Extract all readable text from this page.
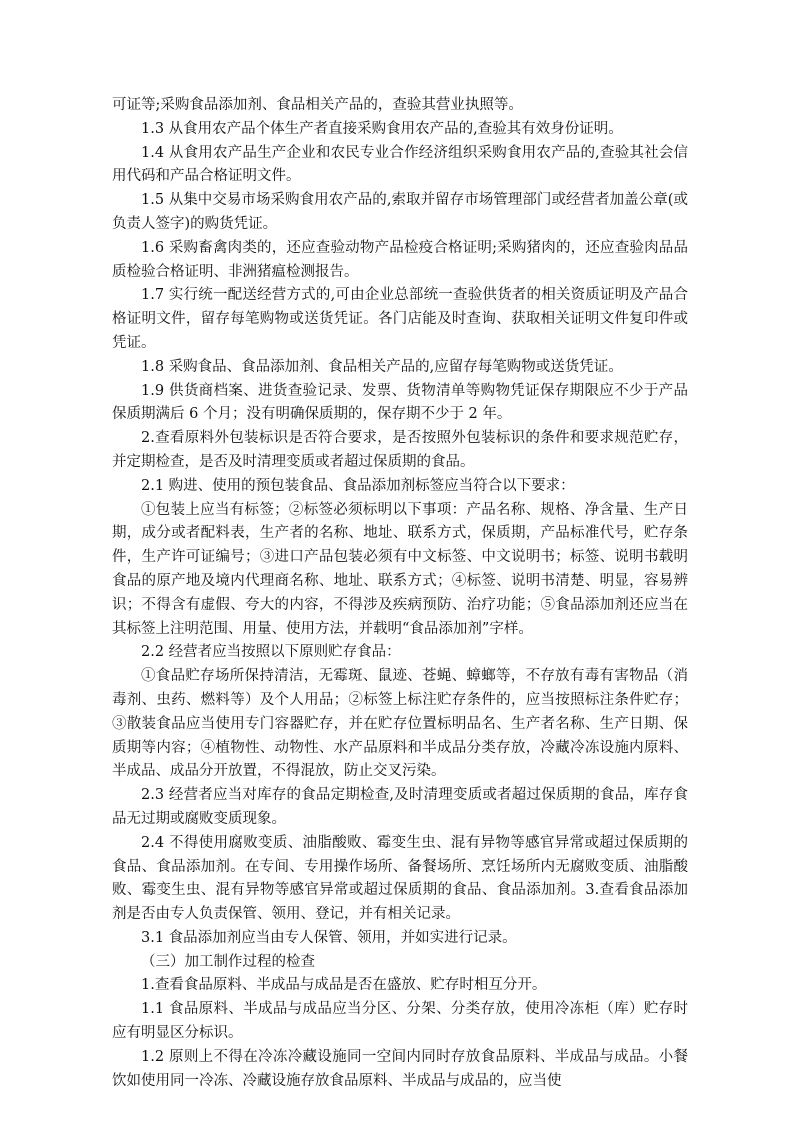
可证等;采购食品添加剂、食品相关产品的，查验其营业执照等。

1.3 从食用农产品个体生产者直接采购食用农产品的,查验其有效身份证明。

1.4 从食用农产品生产企业和农民专业合作经济组织采购食用农产品的,查验其社会信用代码和产品合格证明文件。

1.5 从集中交易市场采购食用农产品的,索取并留存市场管理部门或经营者加盖公章(或负责人签字)的购货凭证。

1.6 采购畜禽肉类的，还应查验动物产品检疫合格证明;采购猪肉的，还应查验肉品品质检验合格证明、非洲猪瘟检测报告。

1.7 实行统一配送经营方式的,可由企业总部统一查验供货者的相关资质证明及产品合格证明文件，留存每笔购物或送货凭证。各门店能及时查询、获取相关证明文件复印件或凭证。

1.8 采购食品、食品添加剂、食品相关产品的,应留存每笔购物或送货凭证。

1.9 供货商档案、进货查验记录、发票、货物清单等购物凭证保存期限应不少于产品保质期满后 6 个月；没有明确保质期的，保存期不少于 2 年。

2.查看原料外包装标识是否符合要求，是否按照外包装标识的条件和要求规范贮存，并定期检查，是否及时清理变质或者超过保质期的食品。

2.1 购进、使用的预包装食品、食品添加剂标签应当符合以下要求：

①包装上应当有标签；②标签必须标明以下事项：产品名称、规格、净含量、生产日期，成分或者配料表，生产者的名称、地址、联系方式，保质期，产品标准代号，贮存条件，生产许可证编号；③进口产品包装必须有中文标签、中文说明书；标签、说明书载明食品的原产地及境内代理商名称、地址、联系方式；④标签、说明书清楚、明显，容易辨识；不得含有虚假、夸大的内容，不得涉及疾病预防、治疗功能；⑤食品添加剂还应当在其标签上注明范围、用量、使用方法，并载明“食品添加剂”字样。

2.2 经营者应当按照以下原则贮存食品：

①食品贮存场所保持清洁，无霉斑、鼠迹、苍蝇、蟑螂等，不存放有毒有害物品（消毒剂、虫药、燃料等）及个人用品；②标签上标注贮存条件的，应当按照标注条件贮存；③散装食品应当使用专门容器贮存，并在贮存位置标明品名、生产者名称、生产日期、保质期等内容；④植物性、动物性、水产品原料和半成品分类存放，冷藏冷冻设施内原料、半成品、成品分开放置，不得混放，防止交叉污染。

2.3 经营者应当对库存的食品定期检查,及时清理变质或者超过保质期的食品，库存食品无过期或腐败变质现象。

2.4 不得使用腐败变质、油脂酸败、霉变生虫、混有异物等感官异常或超过保质期的食品、食品添加剂。在专间、专用操作场所、备餐场所、烹饪场所内无腐败变质、油脂酸败、霉变生虫、混有异物等感官异常或超过保质期的食品、食品添加剂。3.查看食品添加剂是否由专人负责保管、领用、登记，并有相关记录。

3.1 食品添加剂应当由专人保管、领用，并如实进行记录。

（三）加工制作过程的检查

1.查看食品原料、半成品与成品是否在盛放、贮存时相互分开。

1.1 食品原料、半成品与成品应当分区、分架、分类存放，使用冷冻柜（库）贮存时应有明显区分标识。

1.2 原则上不得在冷冻冷藏设施同一空间内同时存放食品原料、半成品与成品。小餐饮如使用同一冷冻、冷藏设施存放食品原料、半成品与成品的，应当使
